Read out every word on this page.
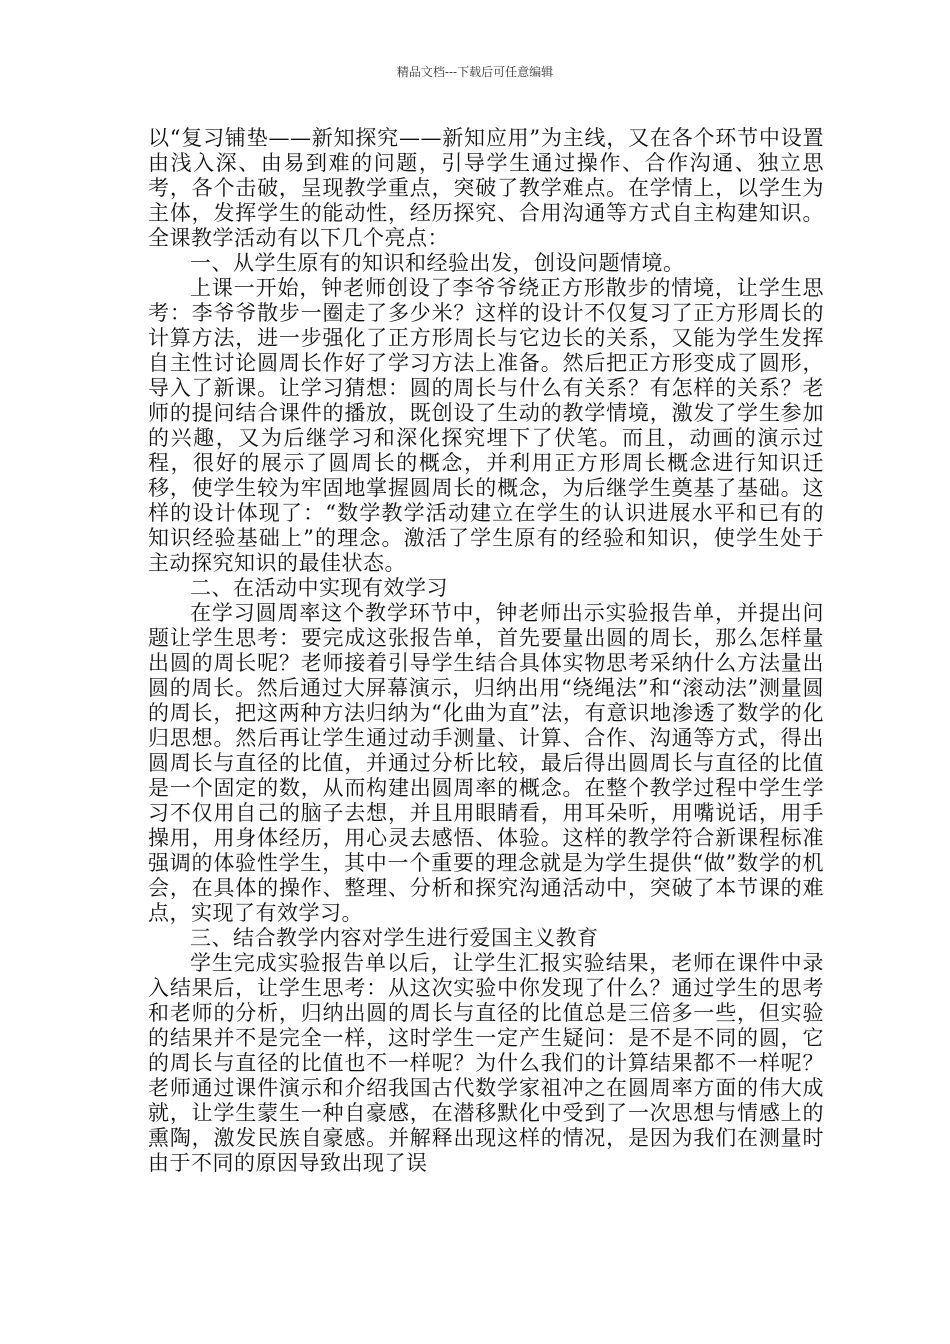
精品文档---下载后可任意编辑

以“复习铺垫——新知探究——新知应用”为主线，又在各个环节中设置由浅入深、由易到难的问题，引导学生通过操作、合作沟通、独立思考，各个击破，呈现教学重点，突破了教学难点。在学情上，以学生为主体，发挥学生的能动性，经历探究、合用沟通等方式自主构建知识。全课教学活动有以下几个亮点：

一、从学生原有的知识和经验出发，创设问题情境。

上课一开始，钟老师创设了李爷爷绕正方形散步的情境，让学生思考：李爷爷散步一圈走了多少米？这样的设计不仅复习了正方形周长的计算方法，进一步强化了正方形周长与它边长的关系，又能为学生发挥自主性讨论圆周长作好了学习方法上准备。然后把正方形变成了圆形，导入了新课。让学习猜想：圆的周长与什么有关系？有怎样的关系？老师的提问结合课件的播放，既创设了生动的教学情境，激发了学生参加的兴趣，又为后继学习和深化探究埋下了伏笔。而且，动画的演示过程，很好的展示了圆周长的概念，并利用正方形周长概念进行知识迁移，使学生较为牢固地掌握圆周长的概念，为后继学生奠基了基础。这样的设计体现了：“数学教学活动建立在学生的认识进展水平和已有的知识经验基础上”的理念。激活了学生原有的经验和知识，使学生处于主动探究知识的最佳状态。

二、在活动中实现有效学习

在学习圆周率这个教学环节中，钟老师出示实验报告单，并提出问题让学生思考：要完成这张报告单，首先要量出圆的周长，那么怎样量出圆的周长呢？老师接着引导学生结合具体实物思考采纳什么方法量出圆的周长。然后通过大屏幕演示，归纳出用“绕绳法”和“滚动法”测量圆的周长，把这两种方法归纳为“化曲为直”法，有意识地渗透了数学的化归思想。然后再让学生通过动手测量、计算、合作、沟通等方式，得出圆周长与直径的比值，并通过分析比较，最后得出圆周长与直径的比值是一个固定的数，从而构建出圆周率的概念。在整个教学过程中学生学习不仅用自己的脑子去想，并且用眼睛看，用耳朵听，用嘴说话，用手操用，用身体经历，用心灵去感悟、体验。这样的教学符合新课程标准强调的体验性学生，其中一个重要的理念就是为学生提供“做”数学的机会，在具体的操作、整理、分析和探究沟通活动中，突破了本节课的难点，实现了有效学习。

三、结合教学内容对学生进行爱国主义教育

学生完成实验报告单以后，让学生汇报实验结果，老师在课件中录入结果后，让学生思考：从这次实验中你发现了什么？通过学生的思考和老师的分析，归纳出圆的周长与直径的比值总是三倍多一些，但实验的结果并不是完全一样，这时学生一定产生疑问：是不是不同的圆，它的周长与直径的比值也不一样呢？为什么我们的计算结果都不一样呢？老师通过课件演示和介绍我国古代数学家祖冲之在圆周率方面的伟大成就，让学生蒙生一种自豪感，在潜移默化中受到了一次思想与情感上的熏陶，激发民族自豪感。并解释出现这样的情况，是因为我们在测量时由于不同的原因导致出现了误
